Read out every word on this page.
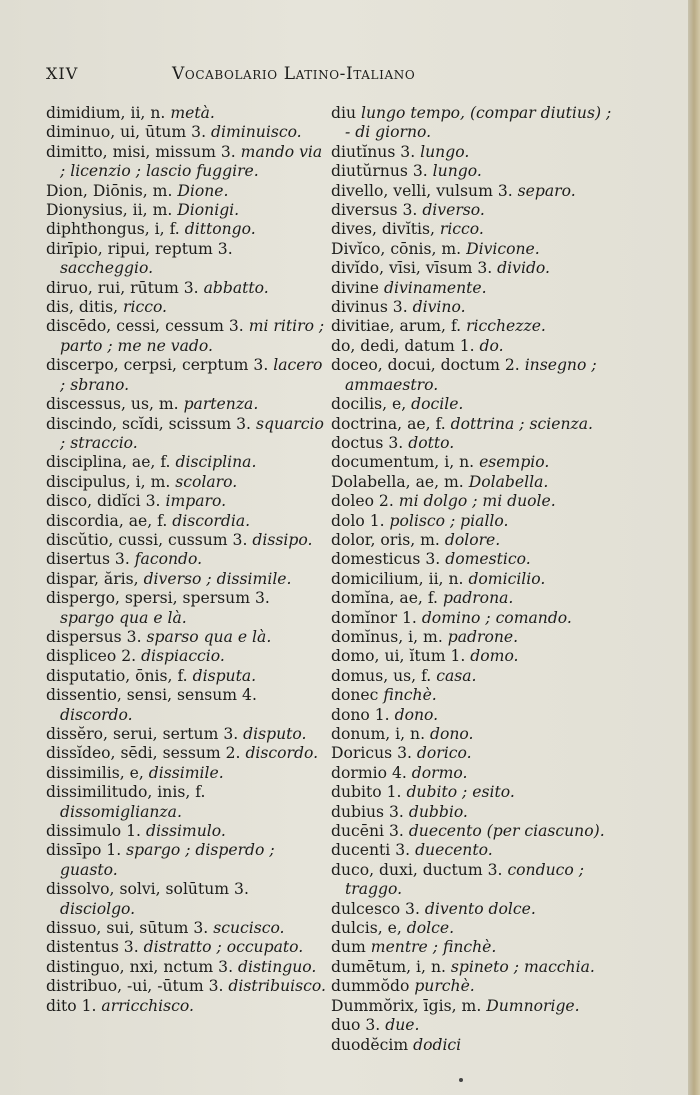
XIV	Vocabolario Latino-Italiano
dimidium, ii, n. metà.
diminuo, ui, ūtum 3. diminuisco.
dimitto, misi, missum 3. mando via ; licenzio ; lascio fuggire.
Dion, Diōnis, m. Dione.
Dionysius, ii, m. Dionigi.
diphthongus, i, f. dittongo.
dirīpio, ripui, reptum 3. saccheggio.
diruo, rui, rūtum 3. abbatto.
dis, ditis, ricco.
discēdo, cessi, cessum 3. mi ritiro ; parto ; me ne vado.
discerpo, cerpsi, cerptum 3. lacero ; sbrano.
discessus, us, m. partenza.
discindo, scĭdi, scissum 3. squarcio ; straccio.
disciplina, ae, f. disciplina.
discipulus, i, m. scolaro.
disco, didĭci 3. imparo.
discordia, ae, f. discordia.
discŭtio, cussi, cussum 3. dissipo.
disertus 3. facondo.
dispar, ăris, diverso ; dissimile.
dispergo, spersi, spersum 3. spargo qua e là.
dispersus 3. sparso qua e là.
displiceo 2. dispiaccio.
disputatio, ōnis, f. disputa.
dissentio, sensi, sensum 4. discordo.
dissĕro, serui, sertum 3. disputo.
dissĭdeo, sēdi, sessum 2. discordo.
dissimilis, e, dissimile.
dissimilitudo, inis, f. dissomiglianza.
dissimulo 1. dissimulo.
dissīpo 1. spargo ; disperdo ; guasto.
dissolvo, solvi, solūtum 3. disciolgo.
dissuo, sui, sūtum 3. scucisco.
distentus 3. distratto ; occupato.
distinguo, nxi, nctum 3. distinguo.
distribuo, -ui, -ūtum 3. distribuisco.
dito 1. arricchisco.
diu lungo tempo, (compar diutius) ; - di giorno.
diutĭnus 3. lungo.
diutŭrnus 3. lungo.
divello, velli, vulsum 3. separo.
diversus 3. diverso.
dives, divĭtis, ricco.
Divĭco, cōnis, m. Divicone.
divĭdo, vīsi, vīsum 3. divido.
divine divinamente.
divinus 3. divino.
divitiae, arum, f. ricchezze.
do, dedi, datum 1. do.
doceo, docui, doctum 2. insegno ; ammaestro.
docilis, e, docile.
doctrina, ae, f. dottrina ; scienza.
doctus 3. dotto.
documentum, i, n. esempio.
Dolabella, ae, m. Dolabella.
doleo 2. mi dolgo ; mi duole.
dolo 1. polisco ; piallo.
dolor, oris, m. dolore.
domesticus 3. domestico.
domicilium, ii, n. domicilio.
domĭna, ae, f. padrona.
domĭnor 1. domino ; comando.
domĭnus, i, m. padrone.
domo, ui, ĭtum 1. domo.
domus, us, f. casa.
donec finchè.
dono 1. dono.
donum, i, n. dono.
Doricus 3. dorico.
dormio 4. dormo.
dubito 1. dubito ; esito.
dubius 3. dubbio.
ducēni 3. duecento (per ciascuno).
ducenti 3. duecento.
duco, duxi, ductum 3. conduco ; traggo.
dulcesco 3. divento dolce.
dulcis, e, dolce.
dum mentre ; finchè.
dumētum, i, n. spineto ; macchia.
dummŏdo purchè.
Dummŏrix, īgis, m. Dumnorige.
duo 3. due.
duodĕcim dodici
